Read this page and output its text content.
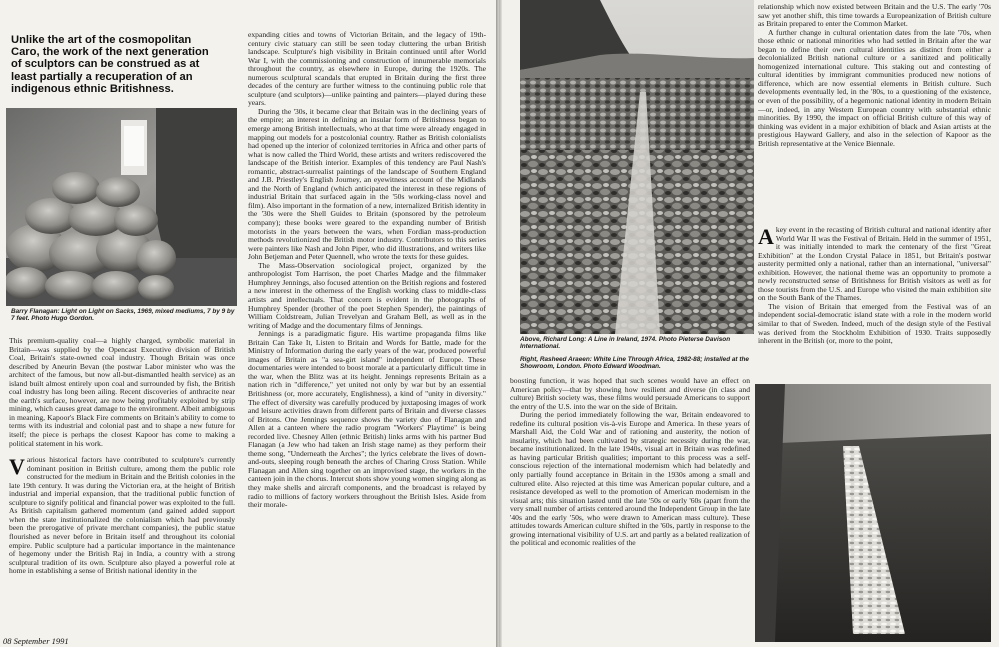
Unlike the art of the cosmopolitan Caro, the work of the next generation of sculptors can be construed as at least partially a recuperation of an indigenous ethnic Britishness.
Barry Flanagan: Light on Light on Sacks, 1969, mixed mediums, 7 by 9 by 7 feet. Photo Hugo Gordon.

This premium-quality coal—a highly charged, symbolic material in Britain—was supplied by the Opencast Executive division of British Coal, Britain's state-owned coal industry. Though Britain was once described by Aneurin Bevan (the postwar Labor minister who was the architect of the famous, but now all-but-dismantled health service) as an island built almost entirely upon coal and surrounded by fish, the British coal industry has long been ailing. Recent discoveries of anthracite near the earth's surface, however, are now being profitably exploited by strip mining, which causes great damage to the environment. Albeit ambiguous in meaning, Kapoor's Black Fire comments on Britain's ability to come to terms with its industrial and colonial past and to shape a new future for itself; the piece is perhaps the closest Kapoor has come to making a political statement in his work.

Various historical factors have contributed to sculpture's currently dominant position in British culture, among them the public role constructed for the medium in Britain and the British colonies in the late 19th century. It was during the Victorian era, at the height of British industrial and imperial expansion, that the traditional public function of sculpture to signify political and financial power was exploited to the full. As British capitalism gathered momentum (and gained added support when the state institutionalized the colonialism which had previously been the prerogative of private merchant companies), the public statue flourished as never before in Britain itself and throughout its colonial empire. Public sculpture had a particular importance in the maintenance of hegemony under the British Raj in India, a country with a strong sculptural tradition of its own. Sculpture also played a powerful role at home in establishing a sense of British national identity in the

expanding cities and towns of Victorian Britain, and the legacy of 19th-century civic statuary can still be seen today cluttering the urban British landscape. Sculpture's high visibility in Britain continued until after World War I, with the commissioning and construction of innumerable memorials throughout the country, as elsewhere in Europe, during the 1920s. The numerous sculptural scandals that erupted in Britain during the first three decades of the century are further witness to the continuing public role that sculpture (and sculptors)—unlike painting and painters—played during these years.

During the '30s, it became clear that Britain was in the declining years of the empire; an interest in defining an insular form of Britishness began to emerge among British intellectuals, who at that time were already engaged in mapping out models for a postcolonial country. Rather as British colonialists had opened up the interior of colonized territories in Africa and other parts of what is now called the Third World, these artists and writers rediscovered the landscape of the British interior. Examples of this tendency are Paul Nash's romantic, abstract-surrealist paintings of the landscape of Southern England and J.B. Priestley's English Journey, an eyewitness account of the Midlands and the North of England (which anticipated the interest in these regions of industrial Britain that surfaced again in the '50s working-class novel and film). Also important in the formation of a new, internalized British identity in the '30s were the Shell Guides to Britain (sponsored by the petroleum company); these books were geared to the expanding number of British motorists in the years between the wars, when Fordian mass-production methods revolutionized the British motor industry. Contributors to this series were painters like Nash and John Piper, who did illustrations, and writers like John Betjeman and Peter Quennell, who wrote the texts for these guides.

The Mass-Observation sociological project, organized by the anthropologist Tom Harrison, the poet Charles Madge and the filmmaker Humphrey Jennings, also focused attention on the British regions and fostered a new interest in the otherness of the English working class to middle-class artists and intellectuals. That concern is evident in the photographs of Humphrey Spender (brother of the poet Stephen Spender), the paintings of William Coldstream, Julian Trevelyan and Graham Bell, as well as in the writing of Madge and the documentary films of Jennings.

Jennings is a paradigmatic figure. His wartime propaganda films like Britain Can Take It, Listen to Britain and Words for Battle, made for the Ministry of Information during the early years of the war, produced powerful images of Britain as "a sea-girt island" independent of Europe. These documentaries were intended to boost morale at a particularly difficult time in the war, when the Blitz was at its height. Jennings represents Britain as a nation rich in "difference," yet united not only by war but by an essential Britishness (or, more accurately, Englishness), a kind of "unity in diversity." The effect of diversity was carefully produced by juxtaposing images of work and leisure activities drawn from different parts of Britain and diverse classes of Britons. One Jennings sequence shows the variety duo of Flanagan and Allen at a canteen where the radio program "Workers' Playtime" is being recorded live. Chesney Allen (ethnic British) links arms with his partner Bud Flanagan (a Jew who had taken an Irish stage name) as they perform their theme song, "Underneath the Arches"; the lyrics celebrate the lives of down-and-outs, sleeping rough beneath the arches of Charing Cross Station. While Flanagan and Allen sing together on an improvised stage, the workers in the canteen join in the chorus. Intercut shots show young women singing along as they make shells and aircraft components, and the broadcast is relayed by radio to millions of factory workers throughout the British Isles. Aside from their morale-

08 September 1991
Above, Richard Long: A Line in Ireland, 1974. Photo Pieterse Davison International.
Right, Rasheed Araeen: White Line Through Africa, 1982-88; installed at the Showroom, London. Photo Edward Woodman.

boosting function, it was hoped that such scenes would have an effect on American policy—that by showing how resilient and diverse (in class and culture) British society was, these films would persuade Americans to support the entry of the U.S. into the war on the side of Britain.

During the period immediately following the war, Britain endeavored to redefine its cultural position vis-à-vis Europe and America. In these years of Marshall Aid, the Cold War and of rationing and austerity, the notion of insularity, which had been cultivated by strategic necessity during the war, became institutionalized. In the late 1940s, visual art in Britain was redefined as having particular British qualities; important to this process was a self-conscious rejection of the international modernism which had belatedly and only partially found acceptance in Britain in the 1930s among a small and cultured elite. Also rejected at this time was American popular culture, and a resistance developed as well to the promotion of American modernism in the visual arts; this situation lasted until the late '50s or early '60s (apart from the very small number of artists centered around the Independent Group in the late '40s and the early '50s, who were drawn to American mass culture). These attitudes towards American culture shifted in the '60s, partly in response to the growing international visibility of U.S. art and partly as a belated realization of the political and economic realities of the

relationship which now existed between Britain and the U.S. The early '70s saw yet another shift, this time towards a Europeanization of British culture as Britain prepared to enter the Common Market.

A further change in cultural orientation dates from the late '70s, when those ethnic or national minorities who had settled in Britain after the war began to define their own cultural identities as distinct from either a decolonialized British national culture or a sanitized and politically homogenized international culture. This staking out and contesting of cultural identities by immigrant communities produced new notions of difference, which are now essential elements in British culture. Such developments eventually led, in the '80s, to a questioning of the existence, or even of the possibility, of a hegemonic national identity in modern Britain—or, indeed, in any Western European country with substantial ethnic minorities. By 1990, the impact on official British culture of this way of thinking was evident in a major exhibition of black and Asian artists at the prestigious Hayward Gallery, and also in the selection of Kapoor as the British representative at the Venice Biennale.

Akey event in the recasting of British cultural and national identity after World War II was the Festival of Britain. Held in the summer of 1951, it was initially intended to mark the centenary of the first "Great Exhibition" at the London Crystal Palace in 1851, but Britain's postwar austerity permitted only a national, rather than an international, "universal" exhibition. However, the national theme was an opportunity to promote a newly reconstructed sense of Britishness for British visitors as well as for those tourists from the U.S. and Europe who visited the main exhibition site on the South Bank of the Thames.

The vision of Britain that emerged from the Festival was of an independent social-democratic island state with a role in the modern world similar to that of Sweden. Indeed, much of the design style of the Festival was derived from the Stockholm Exhibition of 1930. Traits supposedly inherent in the British (or, more to the point,
